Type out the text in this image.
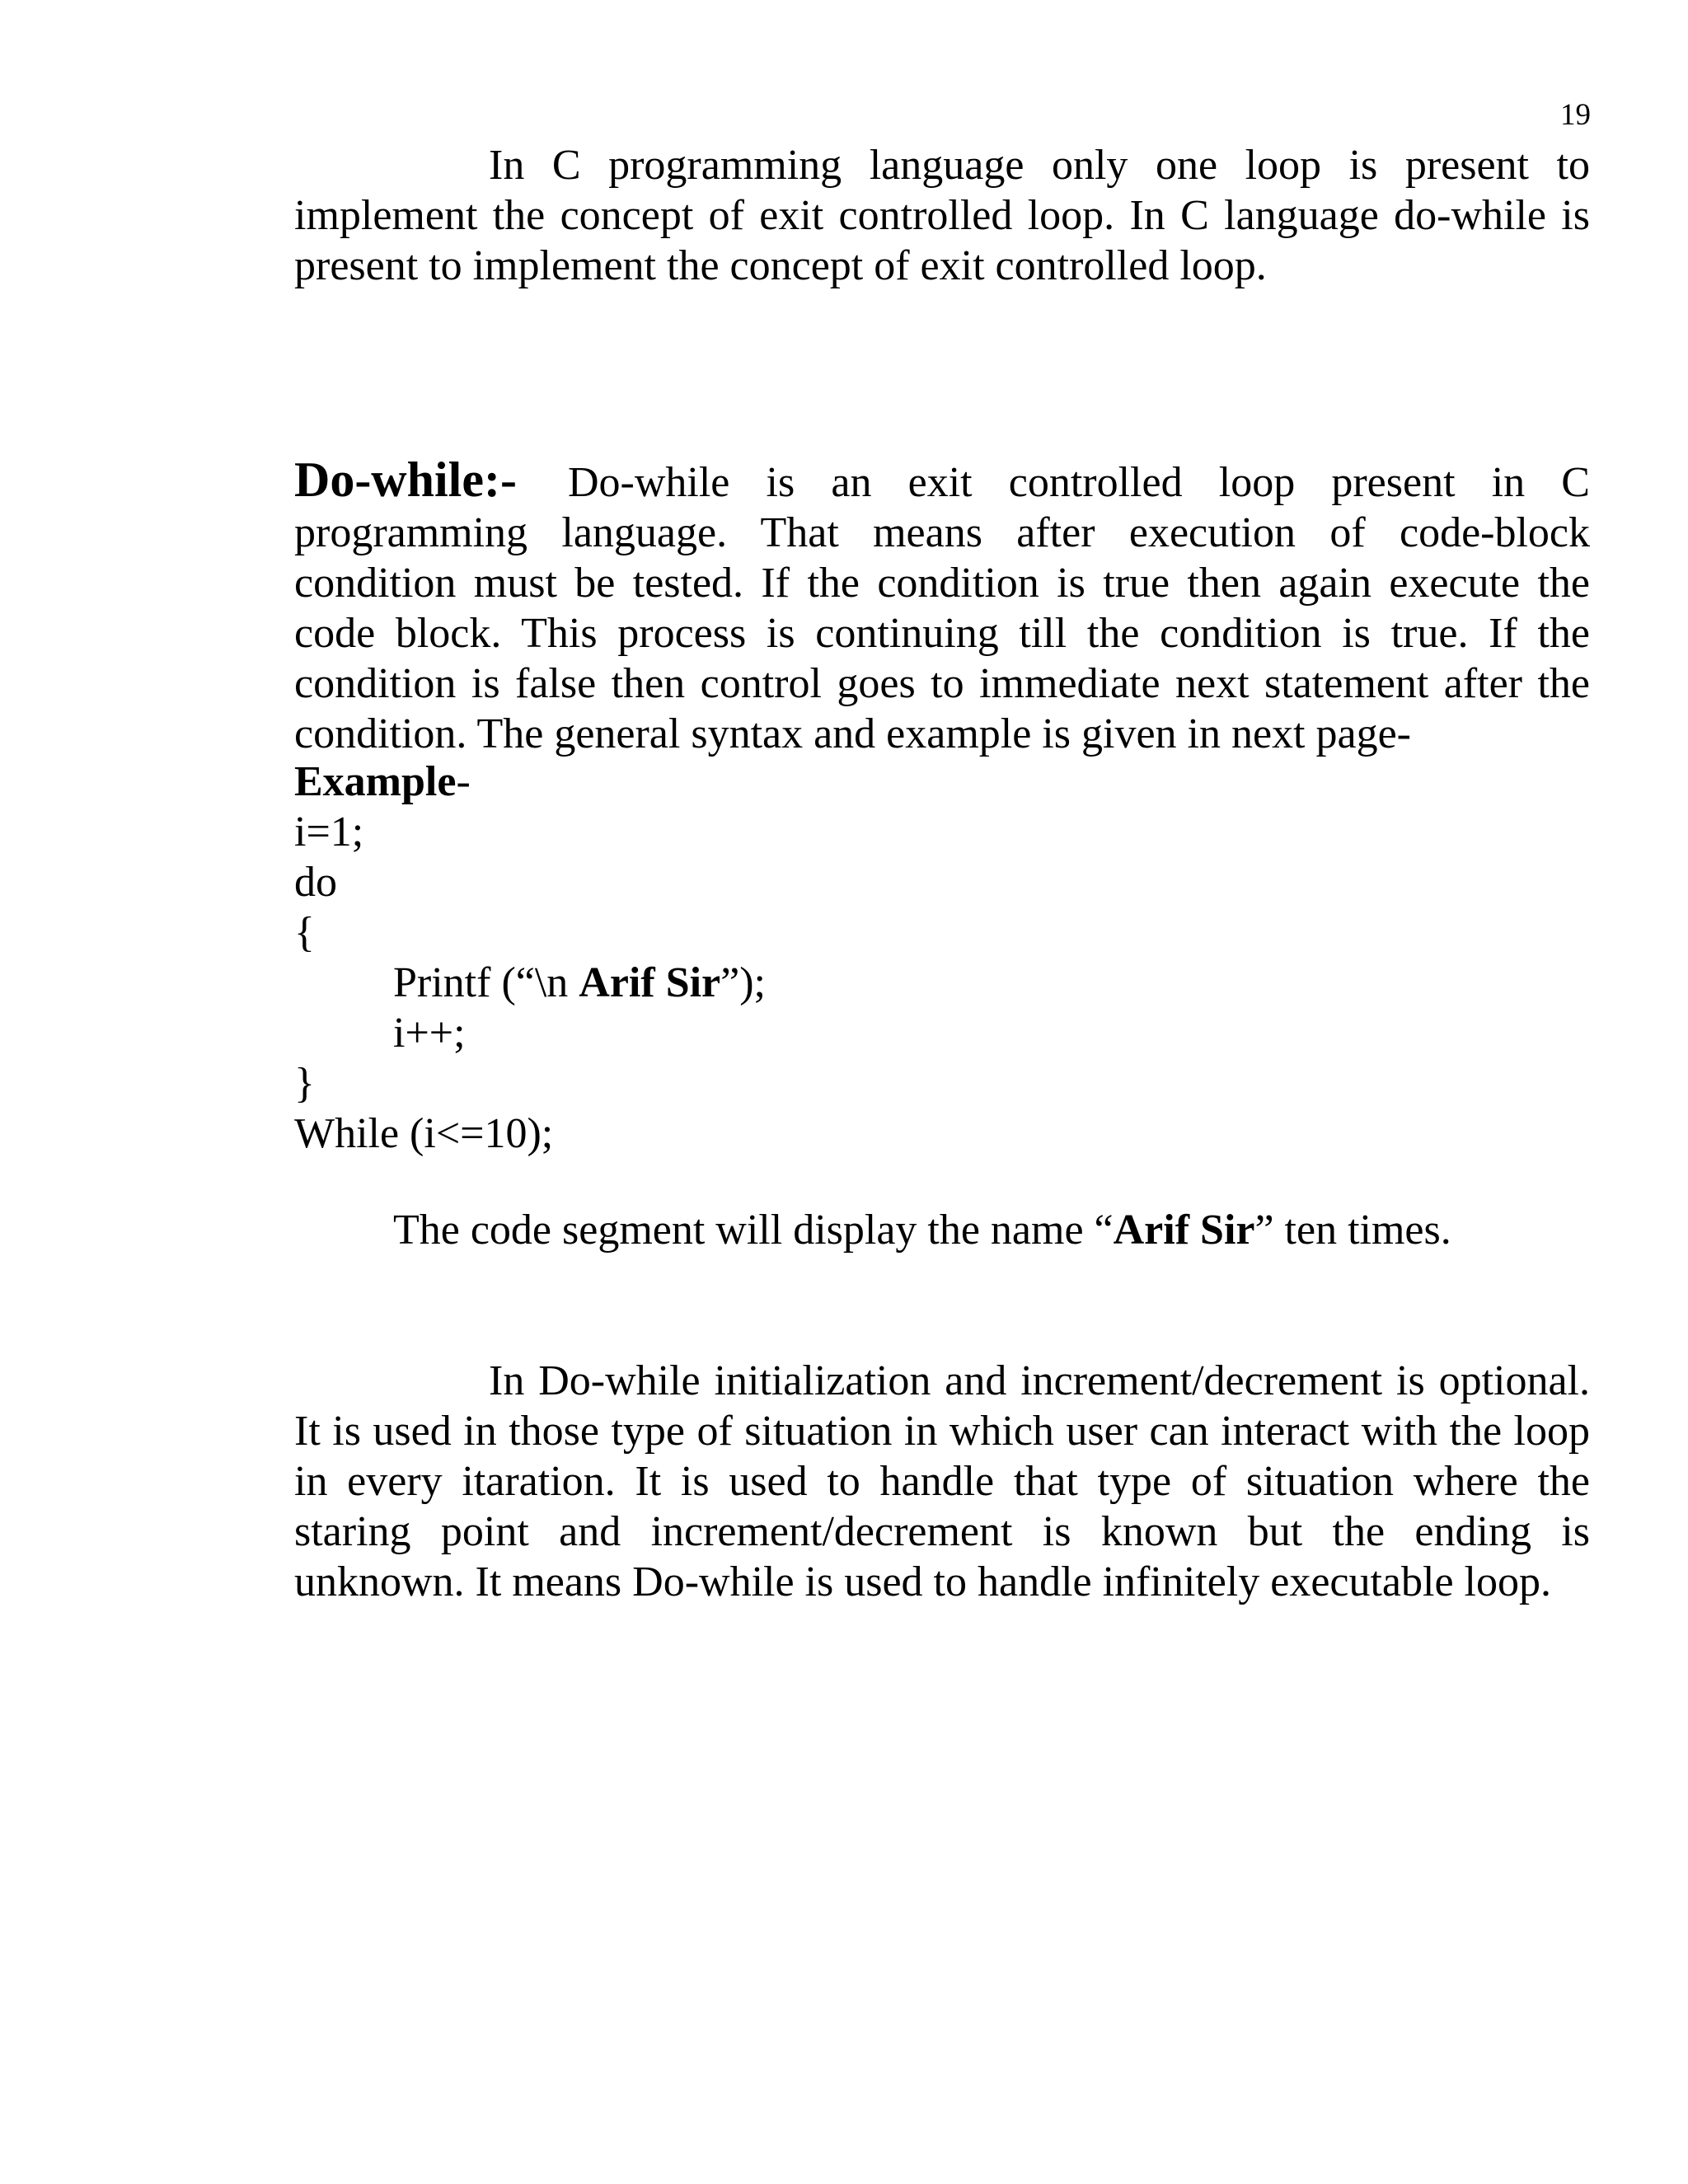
19

In C programming language only one loop is present to implement the concept of exit controlled loop. In C language do-while is present to implement the concept of exit controlled loop.

Do-while:- Do-while is an exit controlled loop present in C programming language. That means after execution of code-block condition must be tested. If the condition is true then again execute the code block. This process is continuing till the condition is true. If the condition is false then control goes to immediate next statement after the condition. The general syntax and example is given in next page-

Example-
i=1;
do
{
Printf (“\n Arif Sir”);
i++;
}
While (i<=10);
The code segment will display the name “Arif Sir” ten times.

In Do-while initialization and increment/decrement is optional. It is used in those type of situation in which user can interact with the loop in every itaration. It is used to handle that type of situation where the staring point and increment/decrement is known but the ending is unknown. It means Do-while is used to handle infinitely executable loop.
